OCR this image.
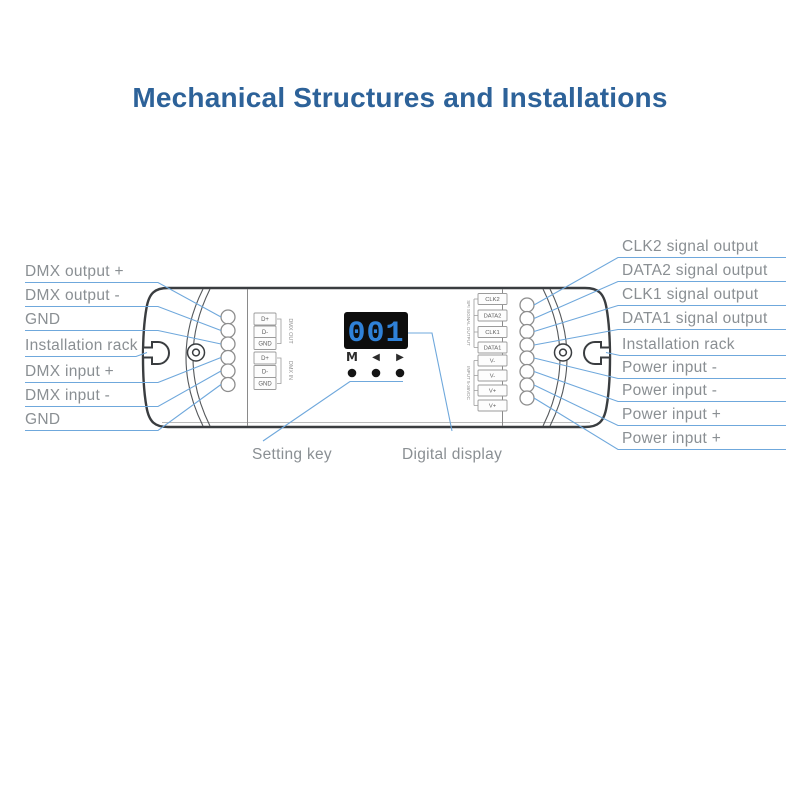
Mechanical Structures and Installations
D+
D-
GND
D+
D-
GND
DMX OUT
DMX IN
CLK2
DATA2
CLK1
DATA1
V-
V-
V+
V+
SPI SIGNAL OUTPUT
INPUT 5-36VDC
001
M ◀ ▶
DMX output +
DMX output -
GND
Installation rack
DMX input +
DMX input -
GND
CLK2 signal output
DATA2 signal output
CLK1 signal output
DATA1 signal output
Installation rack
Power input -
Power input -
Power input +
Power input +
Setting key	Digital display
